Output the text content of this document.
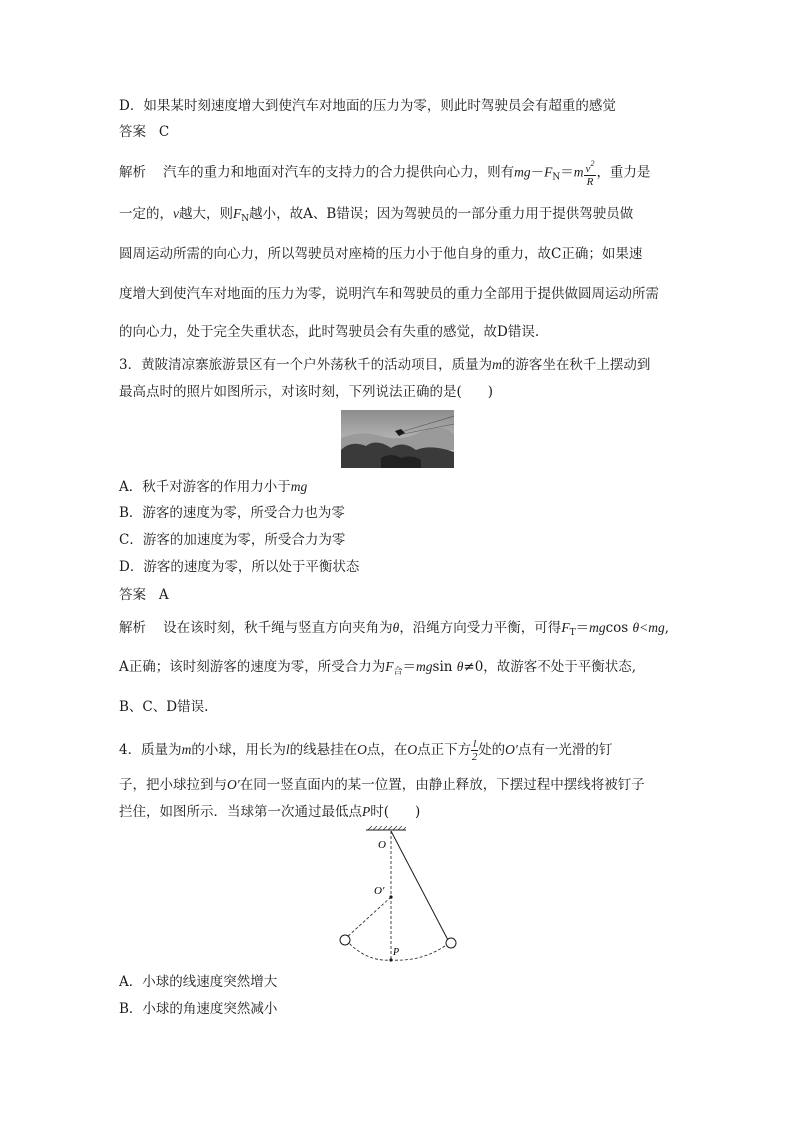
D．如果某时刻速度增大到使汽车对地面的压力为零，则此时驾驶员会有超重的感觉
答案 C
解析 汽车的重力和地面对汽车的支持力的合力提供向心力，则有$mg-F_N=m \frac{v^2}{R}$ ，重力是
一定的，v越大，则$F_N$越小，故A、B错误；因为驾驶员的一部分重力用于提供驾驶员做
圆周运动所需的向心力，所以驾驶员对座椅的压力小于他自身的重力，故C正确；如果速
度增大到使汽车对地面的压力为零，说明汽车和驾驶员的重力全部用于提供做圆周运动所需
的向心力，处于完全失重状态，此时驾驶员会有失重的感觉，故D错误.
3．黄陂清凉寨旅游景区有一个户外荡秋千的活动项目，质量为m的游客坐在秋千上摆动到
最高点时的照片如图所示，对该时刻，下列说法正确的是( )
A．秋千对游客的作用力小于mg
B．游客的速度为零，所受合力也为零
C．游客的加速度为零，所受合力为零
D．游客的速度为零，所以处于平衡状态
答案 A
解析 设在该时刻，秋千绳与竖直方向夹角为θ，沿绳方向受力平衡，可得$F_T=mgcos$ θ<mg,
A正确；该时刻游客的速度为零，所受合力为$F_合=mgsin$ θ≠0，故游客不处于平衡状态,
B、C、D错误.
4．质量为m的小球，用长为l的线悬挂在O点，在O点正下方 $\frac{l}{2}$ 处的O′点有一光滑的钉
子，把小球拉到与O′在同一竖直面内的某一位置，由静止释放，下摆过程中摆线将被钉子
拦住，如图所示．当球第一次通过最低点P时( )
O
O′
P
A．小球的线速度突然增大
B．小球的角速度突然减小
